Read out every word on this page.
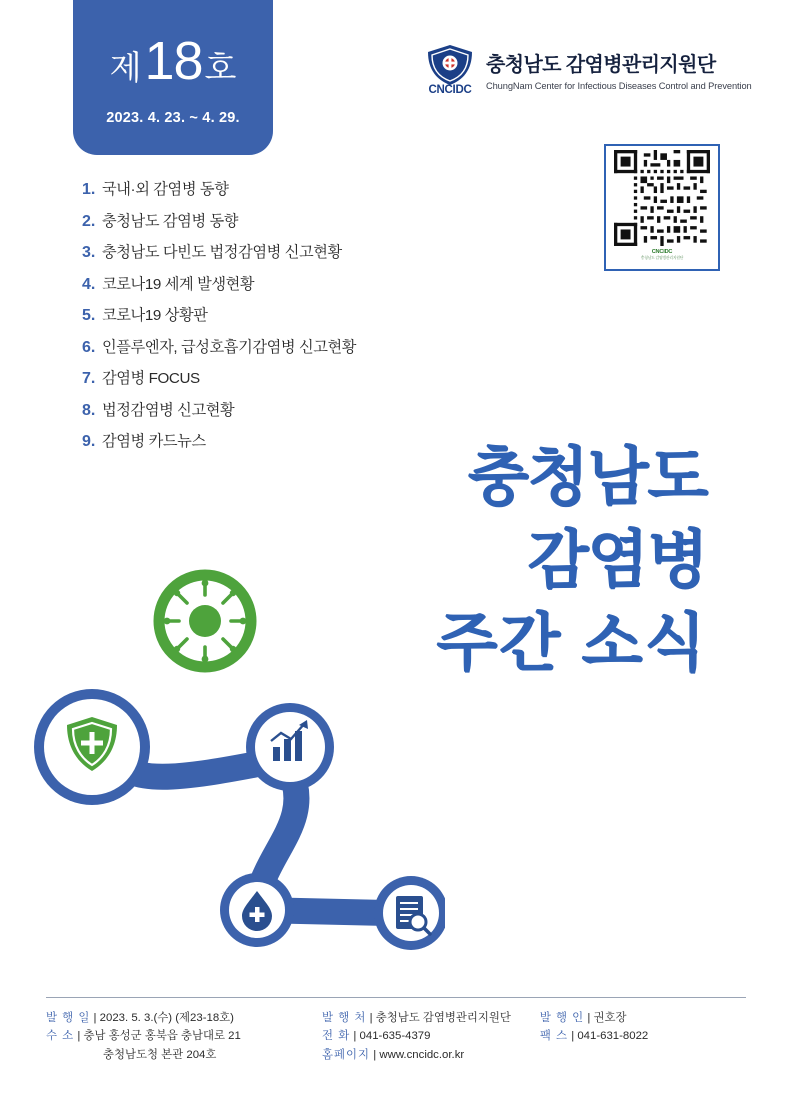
제 18 호
2023. 4. 23. ~ 4. 29.
CNCIDC
충청남도 감염병관리지원단
ChungNam Center for Infectious Diseases Control and Prevention
CNCIDC
충청남도 감염병관리지원단
1. 국내·외 감염병 동향
2. 충청남도 감염병 동향
3. 충청남도 다빈도 법정감염병 신고현황
4. 코로나19 세계 발생현황
5. 코로나19 상황판
6. 인플루엔자, 급성호흡기감염병 신고현황
7. 감염병 FOCUS
8. 법정감염병 신고현황
9. 감염병 카드뉴스
충청남도
감염병
주간 소식
발 행 일 | 2023. 5. 3.(수) (제23-18호)
수 소 | 충남 홍성군 홍북읍 충남대로 21
충청남도청 본관 204호
발 행 처 | 충청남도 감염병관리지원단
전 화 | 041-635-4379
홈페이지 | www.cncidc.or.kr
발 행 인 | 권호장
팩 스 | 041-631-8022
